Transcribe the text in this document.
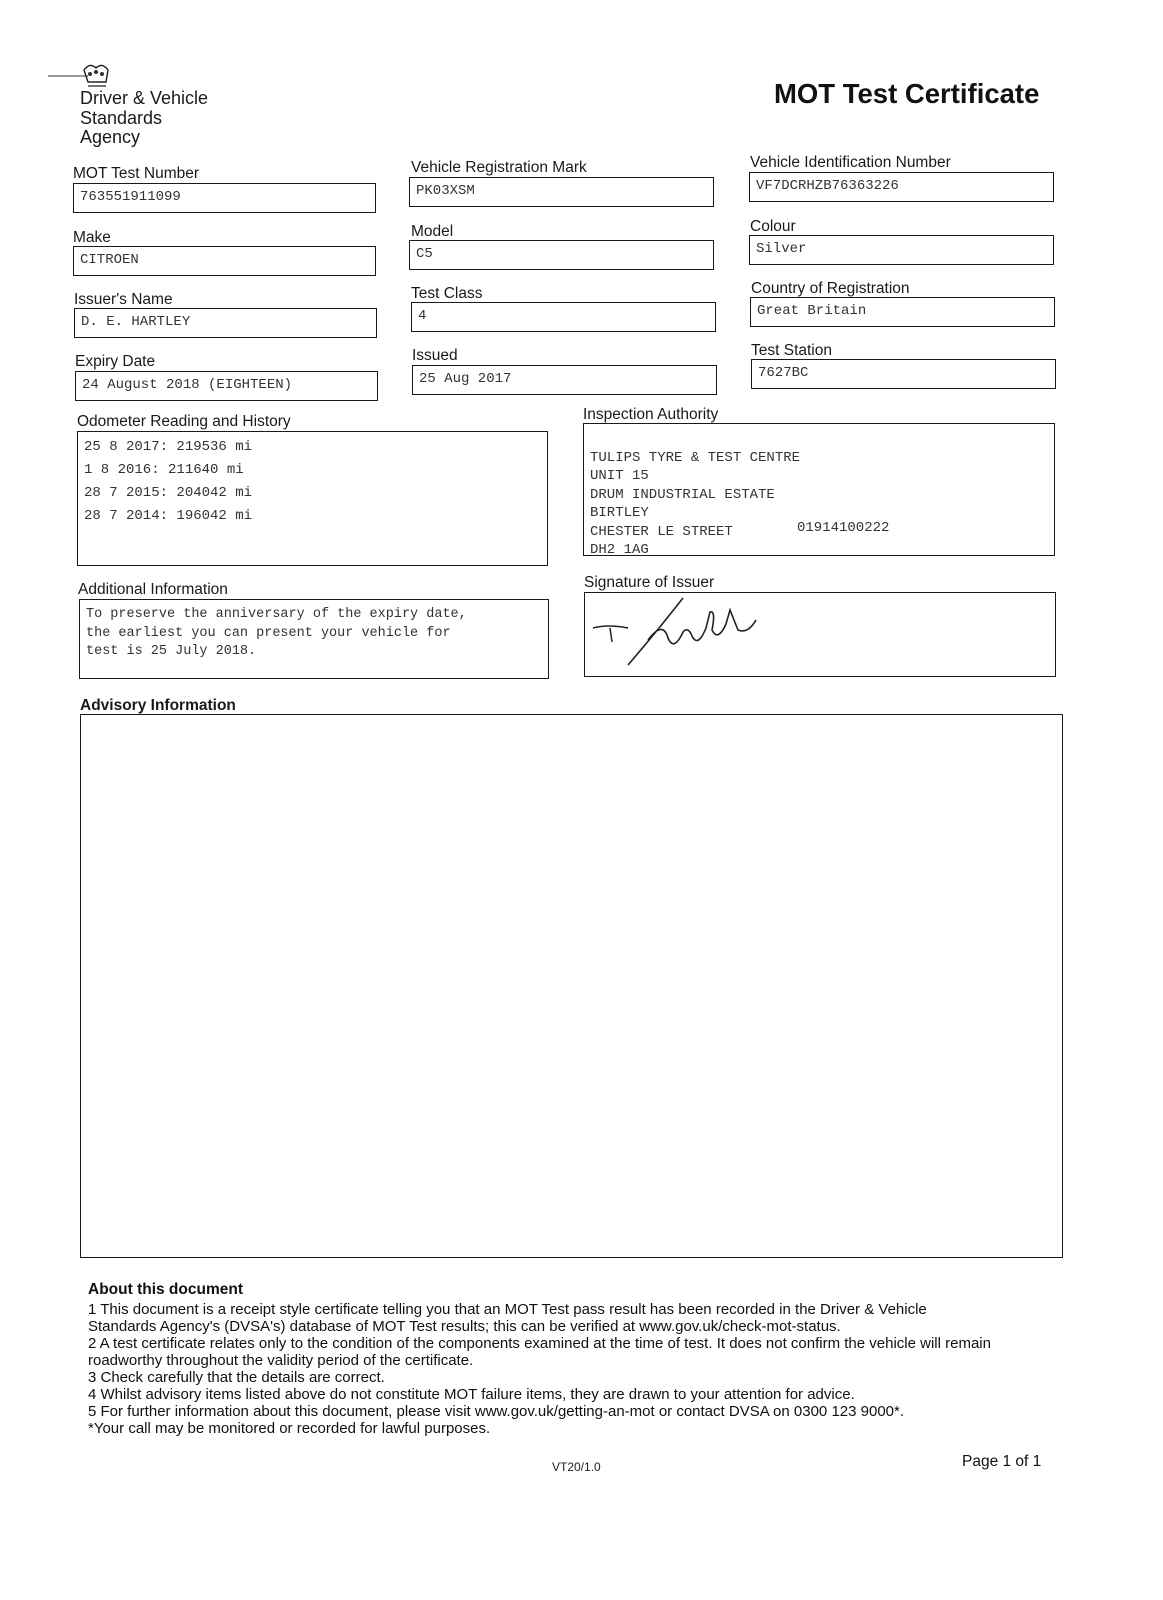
Driver & Vehicle
Standards
Agency
MOT Test Certificate
MOT Test Number
763551911099
Vehicle Registration Mark
PK03XSM
Vehicle Identification Number
VF7DCRHZB76363226
Make
CITROEN
Model
C5
Colour
Silver
Issuer's Name
D. E. HARTLEY
Test Class
4
Country of Registration
Great Britain
Expiry Date
24 August 2018 (EIGHTEEN)
Issued
25 Aug 2017
Test Station
7627BC
Odometer Reading and History
25 8 2017: 219536 mi
1 8 2016: 211640 mi
28 7 2015: 204042 mi
28 7 2014: 196042 mi
Inspection Authority

TULIPS TYRE & TEST CENTRE
UNIT 15
DRUM INDUSTRIAL ESTATE
BIRTLEY
CHESTER LE STREET
DH2 1AG

01914100222

Additional Information
To preserve the anniversary of the expiry date,
the earliest you can present your vehicle for
test is 25 July 2018.
Signature of Issuer
Advisory Information
About this document
1 This document is a receipt style certificate telling you that an MOT Test pass result has been recorded in the Driver & Vehicle
Standards Agency's (DVSA's) database of MOT Test results; this can be verified at www.gov.uk/check-mot-status.
2 A test certificate relates only to the condition of the components examined at the time of test. It does not confirm the vehicle will remain
roadworthy throughout the validity period of the certificate.
3 Check carefully that the details are correct.
4 Whilst advisory items listed above do not constitute MOT failure items, they are drawn to your attention for advice.
5 For further information about this document, please visit www.gov.uk/getting-an-mot or contact DVSA on 0300 123 9000*.
*Your call may be monitored or recorded for lawful purposes.
VT20/1.0	Page 1 of 1
